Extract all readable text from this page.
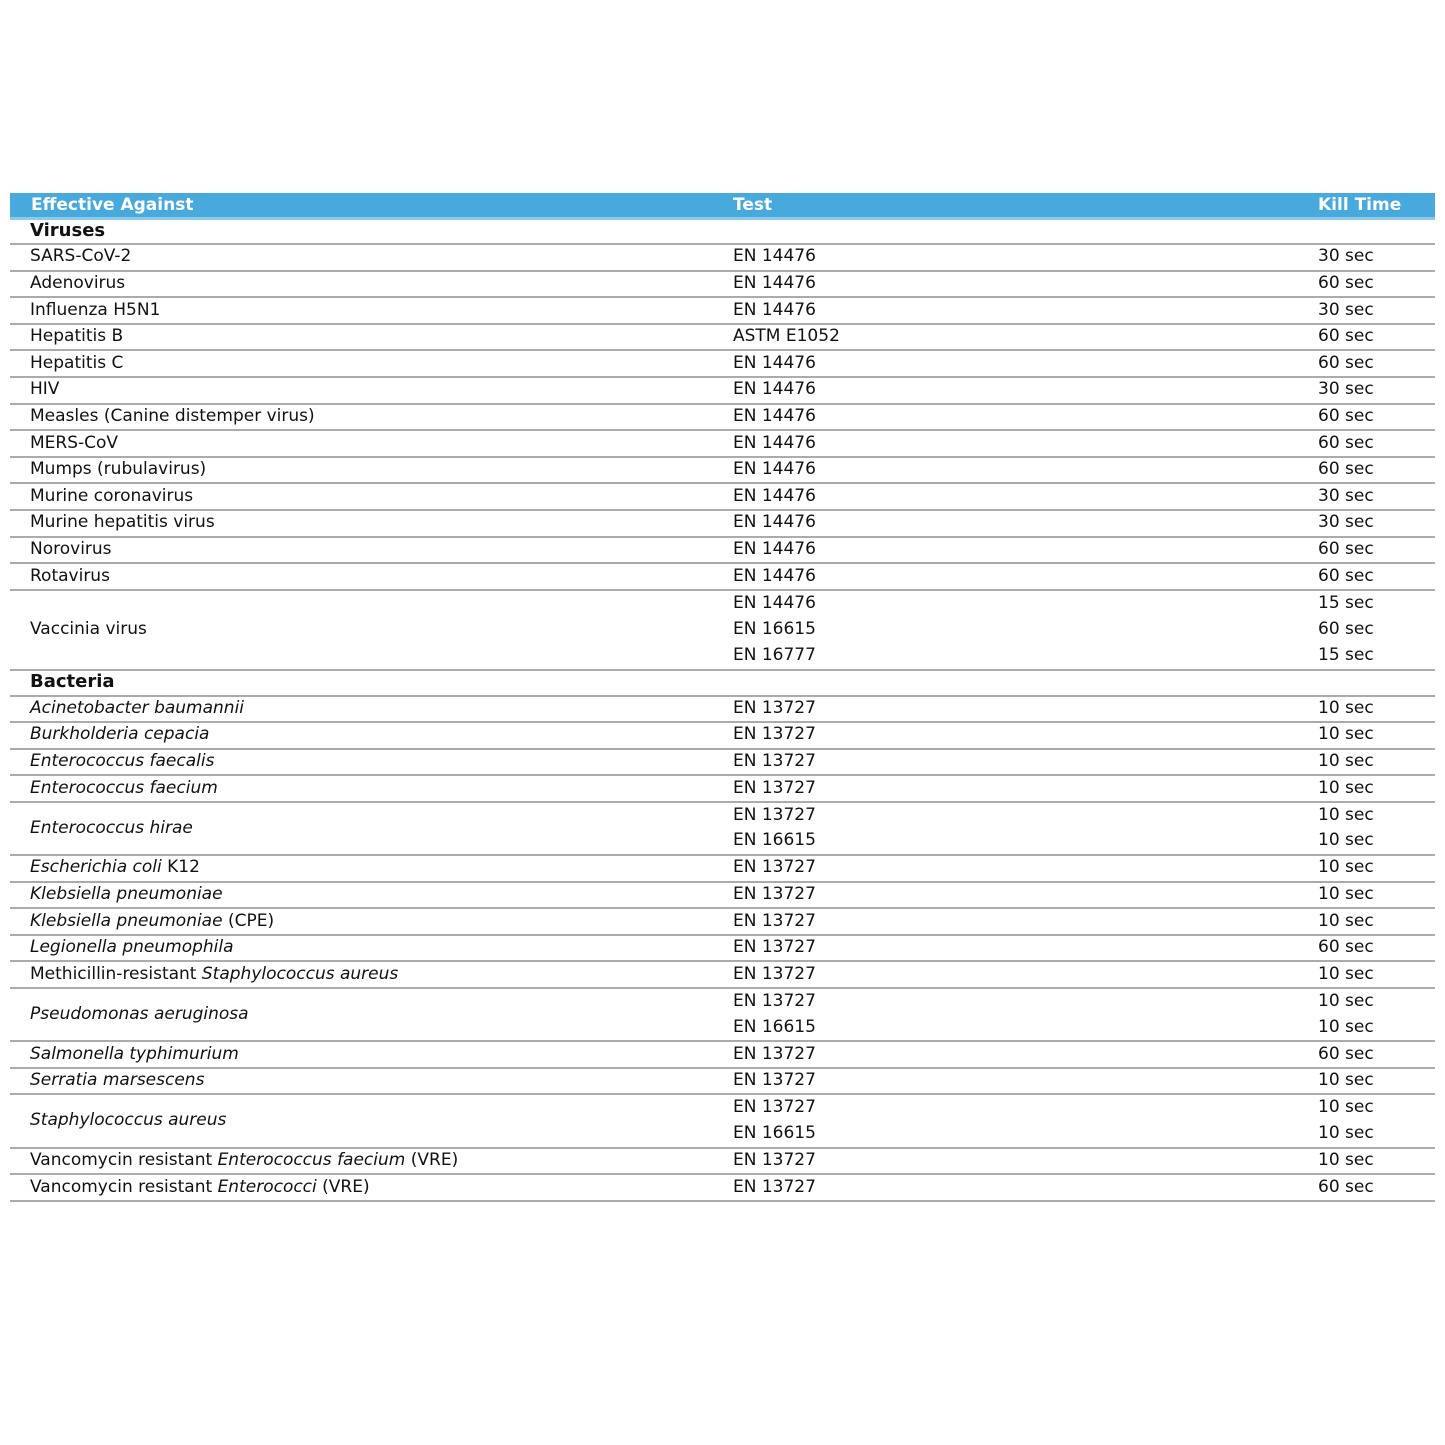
Effective Against	Test	Kill Time
Viruses		
SARS-CoV-2	EN 14476	30 sec
Adenovirus	EN 14476	60 sec
Influenza H5N1	EN 14476	30 sec
Hepatitis B	ASTM E1052	60 sec
Hepatitis C	EN 14476	60 sec
HIV	EN 14476	30 sec
Measles (Canine distemper virus)	EN 14476	60 sec
MERS-CoV	EN 14476	60 sec
Mumps (rubulavirus)	EN 14476	60 sec
Murine coronavirus	EN 14476	30 sec
Murine hepatitis virus	EN 14476	30 sec
Norovirus	EN 14476	60 sec
Rotavirus	EN 14476	60 sec
Vaccinia virus	EN 14476	15 sec
	EN 16615	60 sec
	EN 16777	15 sec
Bacteria		
Acinetobacter baumannii	EN 13727	10 sec
Burkholderia cepacia	EN 13727	10 sec
Enterococcus faecalis	EN 13727	10 sec
Enterococcus faecium	EN 13727	10 sec
Enterococcus hirae	EN 13727	10 sec
	EN 16615	10 sec
Escherichia coli K12	EN 13727	10 sec
Klebsiella pneumoniae	EN 13727	10 sec
Klebsiella pneumoniae (CPE)	EN 13727	10 sec
Legionella pneumophila	EN 13727	60 sec
Methicillin-resistant Staphylococcus aureus	EN 13727	10 sec
Pseudomonas aeruginosa	EN 13727	10 sec
	EN 16615	10 sec
Salmonella typhimurium	EN 13727	60 sec
Serratia marsescens	EN 13727	10 sec
Staphylococcus aureus	EN 13727	10 sec
	EN 16615	10 sec
Vancomycin resistant Enterococcus faecium (VRE)	EN 13727	10 sec
Vancomycin resistant Enterococci (VRE)	EN 13727	60 sec
